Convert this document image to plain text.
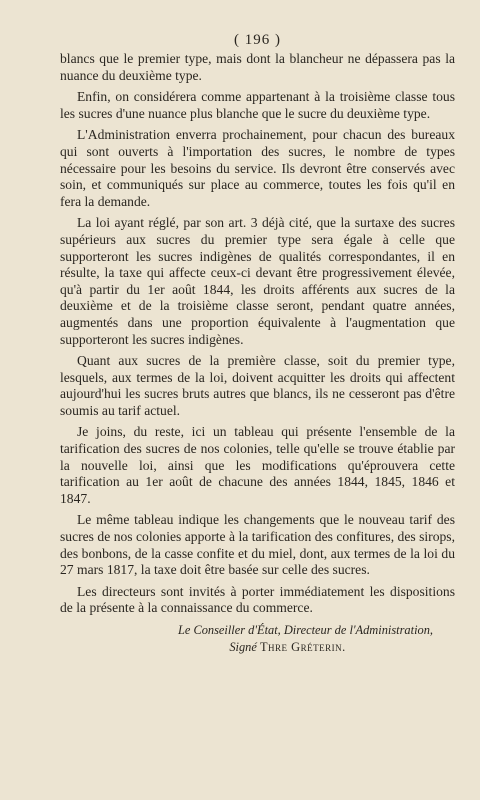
( 196 )

blancs que le premier type, mais dont la blancheur ne dépassera pas la nuance du deuxième type.

Enfin, on considérera comme appartenant à la troisième classe tous les sucres d'une nuance plus blanche que le sucre du deuxième type.

L'Administration enverra prochainement, pour chacun des bureaux qui sont ouverts à l'importation des sucres, le nombre de types nécessaire pour les besoins du service. Ils devront être conservés avec soin, et communiqués sur place au commerce, toutes les fois qu'il en fera la demande.

La loi ayant réglé, par son art. 3 déjà cité, que la surtaxe des sucres supérieurs aux sucres du premier type sera égale à celle que supporteront les sucres indigènes de qualités correspondantes, il en résulte, la taxe qui affecte ceux-ci devant être progressivement élevée, qu'à partir du 1er août 1844, les droits afférents aux sucres de la deuxième et de la troisième classe seront, pendant quatre années, augmentés dans une proportion équivalente à l'augmentation que supporteront les sucres indigènes.

Quant aux sucres de la première classe, soit du premier type, lesquels, aux termes de la loi, doivent acquitter les droits qui affectent aujourd'hui les sucres bruts autres que blancs, ils ne cesseront pas d'être soumis au tarif actuel.

Je joins, du reste, ici un tableau qui présente l'ensemble de la tarification des sucres de nos colonies, telle qu'elle se trouve établie par la nouvelle loi, ainsi que les modifications qu'éprouvera cette tarification au 1er août de chacune des années 1844, 1845, 1846 et 1847.

Le même tableau indique les changements que le nouveau tarif des sucres de nos colonies apporte à la tarification des confitures, des sirops, des bonbons, de la casse confite et du miel, dont, aux termes de la loi du 27 mars 1817, la taxe doit être basée sur celle des sucres.

Les directeurs sont invités à porter immédiatement les dispositions de la présente à la connaissance du commerce.

Le Conseiller d'État, Directeur de l'Administration,

Signé Thre Gréterin.
